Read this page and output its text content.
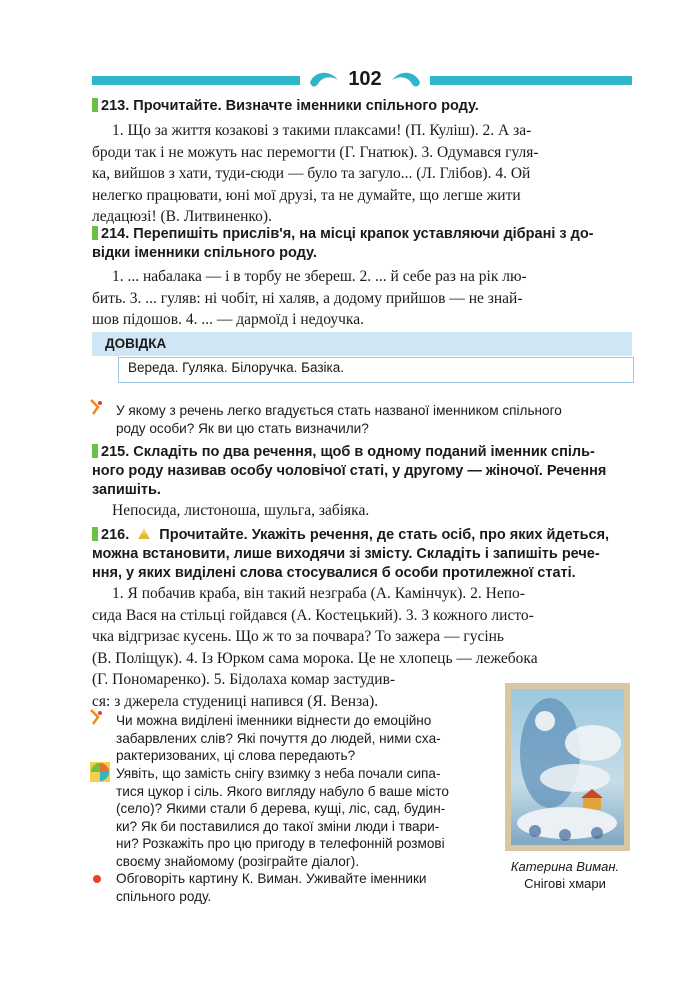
102
213. Прочитайте. Визначте іменники спільного роду.

1. Що за життя козакові з такими плаксами! (П. Куліш). 2. А за-

броди так і не можуть нас перемогти (Г. Гнатюк). 3. Одумався гуля-
ка, вийшов з хати, туди-сюди — було та загуло... (Л. Глібов). 4. Ой
нелегко працювати, юні мої друзі, та не думайте, що легше жити
ледацюзі! (В. Литвиненко).
214. Перепишіть прислів'я, на місці крапок уставляючи дібрані з до-
відки іменники спільного роду.

1. ... набалака — і в торбу не збереш. 2. ... й себе раз на рік лю-

бить. 3. ... гуляв: ні чобіт, ні халяв, а додому прийшов — не знай-
шов підошов. 4. ... — дармоїд і недоучка.
ДОВІДКА
Вереда. Гуляка. Білоручка. Базіка.
У якому з речень легко вгадується стать названої іменником спільного
роду особи? Як ви цю стать визначили?
215. Складіть по два речення, щоб в одному поданий іменник спіль-
ного роду називав особу чоловічої статі, у другому — жіночої. Речення
запишіть.
Непосида, листоноша, шульга, забіяка.
216. Прочитайте. Укажіть речення, де стать осіб, про яких йдеться,
можна встановити, лише виходячи зі змісту. Складіть і запишіть рече-
ння, у яких виділені слова стосувалися б особи протилежної статі.

1. Я побачив краба, він такий незграба (А. Камінчук). 2. Непо-

сида Вася на стільці гойдався (А. Костецький). 3. З кожного листо-
чка відгризає кусень. Що ж то за почвара? То зажера — гусінь
(В. Поліщук). 4. Із Юрком сама морока. Це не хлопець — лежебока
(Г. Пономаренко). 5. Бідолаха комар застудив-
ся: з джерела студениці напився (Я. Венза).
Чи можна виділені іменники віднести до емоційно
забарвлених слів? Які почуття до людей, ними схa-
рактеризованих, ці слова передають?
Уявіть, що замість снігу взимку з неба почали сипа-
тися цукор і сіль. Якого вигляду набуло б ваше місто
(село)? Якими стали б дерева, кущі, ліс, сад, будин-
ки? Як би поставилися до такої зміни люди і твари-
ни? Розкажіть про цю пригоду в телефонній розмові
своєму знайомому (розіграйте діалог).
Обговоріть картину К. Виман. Уживайте іменники
спільного роду.
Катерина Виман.
Снігові хмари
